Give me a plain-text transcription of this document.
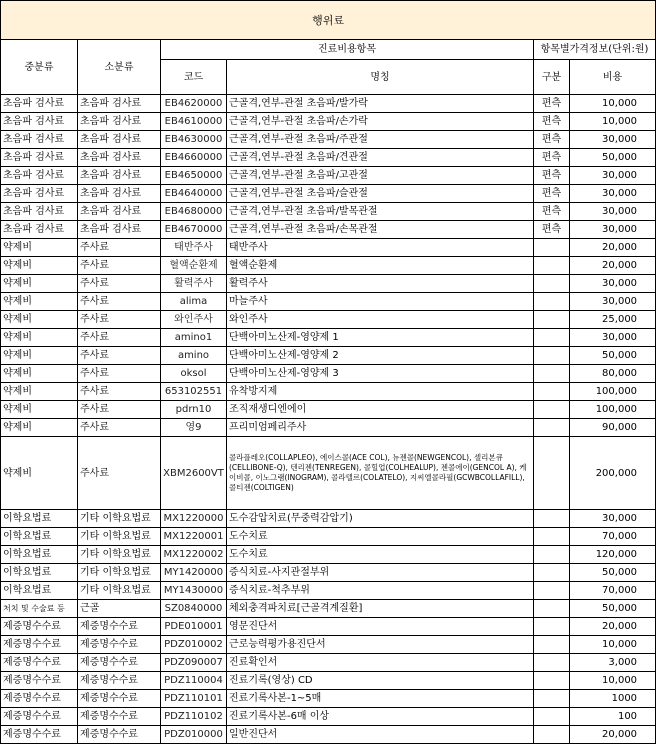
행위료					
중분류	소분류	진료비용항목		항목별가격정보(단위:원)	
		코드	명칭	구분	비용
초음파 검사료	초음파 검사료	EB4620000	근골격,연부-관절 초음파/발가락	편측	10,000
초음파 검사료	초음파 검사료	EB4610000	근골격,연부-관절 초음파/손가락	편측	10,000
초음파 검사료	초음파 검사료	EB4630000	근골격,연부-관절 초음파/주관절	편측	30,000
초음파 검사료	초음파 검사료	EB4660000	근골격,연부-관절 초음파/견관절	편측	50,000
초음파 검사료	초음파 검사료	EB4650000	근골격,연부-관절 초음파/고관절	편측	30,000
초음파 검사료	초음파 검사료	EB4640000	근골격,연부-관절 초음파/슬관절	편측	30,000
초음파 검사료	초음파 검사료	EB4680000	근골격,연부-관절 초음파/발목관절	편측	30,000
초음파 검사료	초음파 검사료	EB4670000	근골격,연부-관절 초음파/손목관절	편측	30,000
약제비	주사료	태반주사	태반주사		20,000
약제비	주사료	혈액순환제	혈액순환제		20,000
약제비	주사료	활력주사	활력주사		30,000
약제비	주사료	alima	마늘주사		30,000
약제비	주사료	와인주사	와인주사		25,000
약제비	주사료	amino1	단백아미노산제-영양제 1		30,000
약제비	주사료	amino	단백아미노산제-영양제 2		50,000
약제비	주사료	oksol	단백아미노산제-영양제 3		80,000
약제비	주사료	653102551	유착방지제		100,000
약제비	주사료	pdrn10	조직재생디엔에이		100,000
약제비	주사료	영9	프리미엄페리주사		90,000
약제비	주사료	XBM2600VT	콜라플레오(COLLAPLEO), 에이스콜(ACE COL), 뉴젠콜(NEWGENCOL), 셀리본큐(CELLIBONE-Q), 텐리젠(TENREGEN), 콜힐업(COLHEALUP), 젠콜에이(GENCOL A), 케이비콜, 이노그램(INOGRAM), 콜라텔르(COLATELO), 지씨엘콜라필(GCWBCOLLAFILL), 콜티젠(COLTIGEN)		200,000
이학요법료	기타 이학요법료	MX1220000	도수감압치료(무중력감압기)		30,000
이학요법료	기타 이학요법료	MX1220001	도수치료		70,000
이학요법료	기타 이학요법료	MX1220002	도수치료		120,000
이학요법료	기타 이학요법료	MY1420000	증식치료-사지관절부위		50,000
이학요법료	기타 이학요법료	MY1430000	증식치료-척추부위		70,000
처치 및 수술료 등	근골	SZ0840000	체외충격파치료[근골격계질환]		50,000
제증명수수료	제증명수수료	PDE010001	영문진단서		20,000
제증명수수료	제증명수수료	PDZ010002	근로능력평가용진단서		10,000
제증명수수료	제증명수수료	PDZ090007	진료확인서		3,000
제증명수수료	제증명수수료	PDZ110004	진료기록(영상) CD		10,000
제증명수수료	제증명수수료	PDZ110101	진료기록사본-1~5매		1000
제증명수수료	제증명수수료	PDZ110102	진료기록사본-6매 이상		100
제증명수수료	제증명수수료	PDZ010000	일반진단서		20,000
